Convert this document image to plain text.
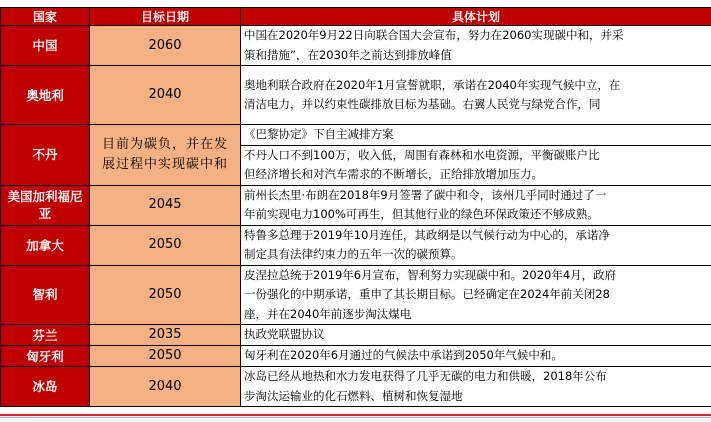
国家	目标日期	具体计划
中国	2060	中国在2020年9月22日向联合国大会宣布，努力在2060实现碳中和，并采
策和措施”，在2030年之前达到排放峰值

奥地利	2040	奥地利联合政府在2020年1月宣誓就职，承诺在2040年实现气候中立，在
清洁电力，并以约束性碳排放目标为基础。右翼人民党与绿党合作，同

不丹	目前为碳负，并在发展过程中实现碳中和	《巴黎协定》下自主减排方案

		不丹人口不到100万，收入低，周围有森林和水电资源，平衡碳账户比
但经济增长和对汽车需求的不断增长，正给排放增加压力。

美国加利福尼亚	2045	前州长杰里·布朗在2018年9月签署了碳中和令，该州几乎同时通过了一
年前实现电力100%可再生，但其他行业的绿色环保政策还不够成熟。

加拿大	2050	特鲁多总理于2019年10月连任，其政纲是以气候行动为中心的，承诺净
制定具有法律约束力的五年一次的碳预算。

智利	2050	皮涅拉总统于2019年6月宣布，智利努力实现碳中和。2020年4月，政府
一份强化的中期承诺，重申了其长期目标。已经确定在2024年前关闭28
座，并在2040年前逐步淘汰煤电

芬兰	2035	执政党联盟协议

匈牙利	2050	匈牙利在2020年6月通过的气候法中承诺到2050年气候中和。

冰岛	2040	冰岛已经从地热和水力发电获得了几乎无碳的电力和供暖，2018年公布
步淘汰运输业的化石燃料、植树和恢复湿地
